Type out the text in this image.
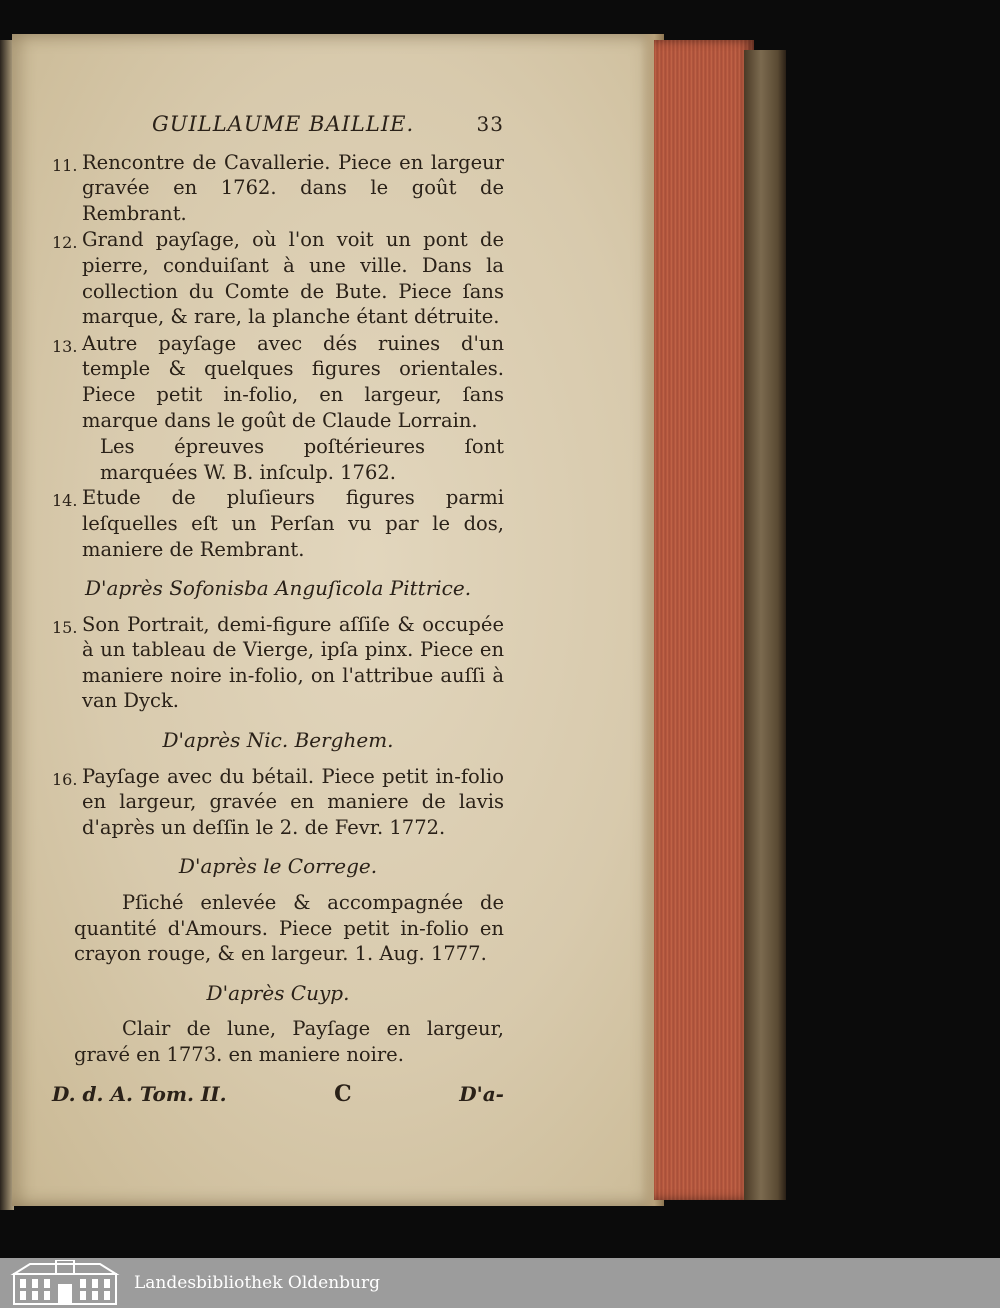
GUILLAUME BAILLIE.	33
11. Rencontre de Cavallerie. Piece en largeur gravée en 1762. dans le goût de Rembrant.
12. Grand payſage, où l'on voit un pont de pierre, conduiſant à une ville. Dans la collection du Comte de Bute. Piece ſans marque, & rare, la planche étant détruite.
13. Autre payſage avec dés ruines d'un temple & quelques figures orientales. Piece petit in-folio, en largeur, ſans marque dans le goût de Claude Lorrain.
Les épreuves poſtérieures ſont marquées W. B. inſculp. 1762.
14. Etude de pluſieurs figures parmi leſquelles eſt un Perſan vu par le dos, maniere de Rembrant.
D'après Sofonisba Anguſicola Pittrice.
15. Son Portrait, demi-figure aſſiſe & occupée à un tableau de Vierge, ipſa pinx. Piece en maniere noire in-folio, on l'attribue auſſi à van Dyck.
D'après Nic. Berghem.
16. Payſage avec du bétail. Piece petit in-folio en largeur, gravée en maniere de lavis d'après un deſſin le 2. de Fevr. 1772.
D'après le Correge.
Pſiché enlevée & accompagnée de quantité d'Amours. Piece petit in-folio en crayon rouge, & en largeur. 1. Aug. 1777.
D'après Cuyp.
Clair de lune, Payſage en largeur, gravé en 1773. en maniere noire.
D. d. A. Tom. II.	C	D'a-
Landesbibliothek Oldenburg
